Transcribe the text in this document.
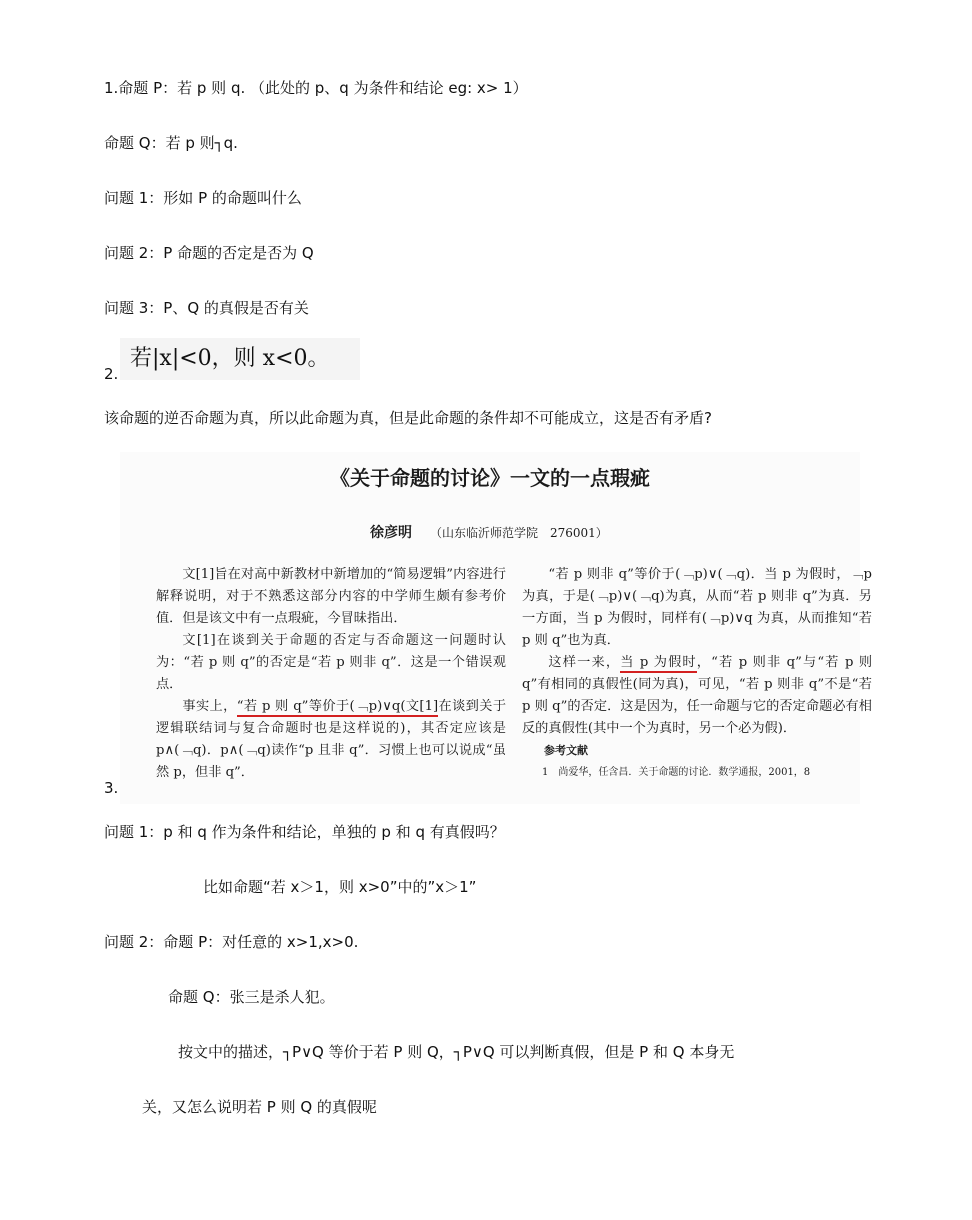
1.命题 P：若 p 则 q. （此处的 p、q 为条件和结论 eg: x> 1）
命题 Q：若 p 则┐q.
问题 1：形如 P 的命题叫什么
问题 2：P 命题的否定是否为 Q
问题 3：P、Q 的真假是否有关
2.
若|x|<0，则 x<0。
该命题的逆否命题为真，所以此命题为真，但是此命题的条件却不可能成立，这是否有矛盾?
《关于命题的讨论》一文的一点瑕疵
徐彦明 （山东临沂师范学院　276001）

文[1]旨在对高中新教材中新增加的“简易逻辑”内容进行解释说明，对于不熟悉这部分内容的中学师生颇有参考价值．但是该文中有一点瑕疵，今冒昧指出．

文[1]在谈到关于命题的否定与否命题这一问题时认为：“若 p 则 q”的否定是“若 p 则非 q”．这是一个错误观点．

事实上，“若 p 则 q”等价于(﹁p)∨q(文[1]在谈到关于逻辑联结词与复合命题时也是这样说的)，其否定应该是 p∧(﹁q)．p∧(﹁q)读作“p 且非 q”．习惯上也可以说成“虽然 p，但非 q”．

“若 p 则非 q”等价于(﹁p)∨(﹁q)．当 p 为假时，﹁p 为真，于是(﹁p)∨(﹁q)为真，从而“若 p 则非 q”为真．另一方面，当 p 为假时，同样有(﹁p)∨q 为真，从而推知“若 p 则 q”也为真．

这样一来，当 p 为假时，“若 p 则非 q”与“若 p 则 q”有相同的真假性(同为真)，可见，“若 p 则非 q”不是“若 p 则 q”的否定．这是因为，任一命题与它的否定命题必有相反的真假性(其中一个为真时，另一个必为假)．

参考文献

1　尚爱华，任含昌．关于命题的讨论．数学通报，2001，8

3.
问题 1：p 和 q 作为条件和结论，单独的 p 和 q 有真假吗？
比如命题“若 x＞1，则 x>0”中的”x＞1”
问题 2：命题 P：对任意的 x>1,x>0.
命题 Q：张三是杀人犯。
按文中的描述，┐P∨Q 等价于若 P 则 Q，┐P∨Q 可以判断真假，但是 P 和 Q 本身无
关，又怎么说明若 P 则 Q 的真假呢
